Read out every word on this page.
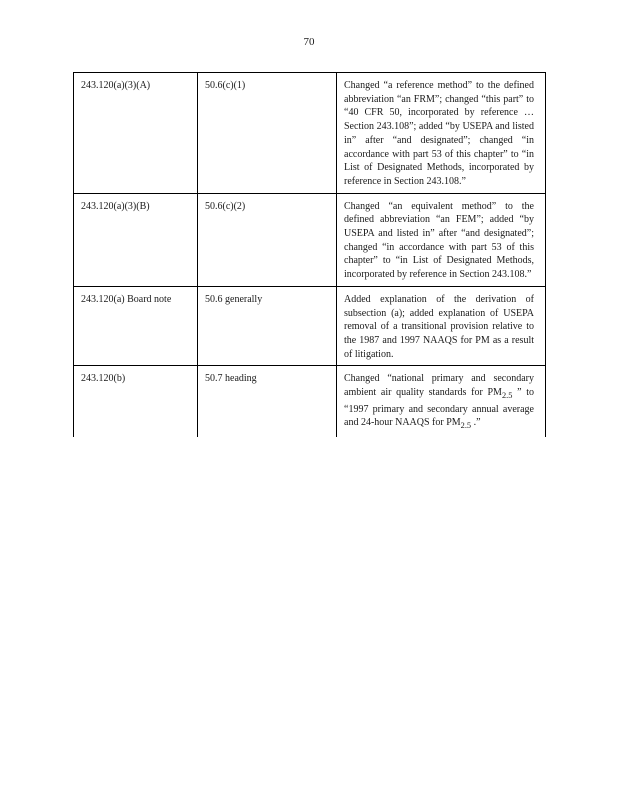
70
243.120(a)(3)(A)	50.6(c)(1)	Changed “a reference method” to the defined abbreviation “an FRM”; changed “this part” to “40 CFR 50, incorporated by reference … Section 243.108”; added “by USEPA and listed in” after “and designated”; changed “in accordance with part 53 of this chapter” to “in List of Designated Methods, incorporated by reference in Section 243.108.”
243.120(a)(3)(B)	50.6(c)(2)	Changed “an equivalent method” to the defined abbreviation “an FEM”; added “by USEPA and listed in” after “and designated”; changed “in accordance with part 53 of this chapter” to “in List of Designated Methods, incorporated by reference in Section 243.108.”
243.120(a) Board note	50.6 generally	Added explanation of the derivation of subsection (a); added explanation of USEPA removal of a transitional provision relative to the 1987 and 1997 NAAQS for PM as a result of litigation.
243.120(b)	50.7 heading	Changed “national primary and secondary ambient air quality standards for $PM_{2.5}$ ” to “1997 primary and secondary annual average and 24-hour NAAQS for $PM_{2.5}$ .”
